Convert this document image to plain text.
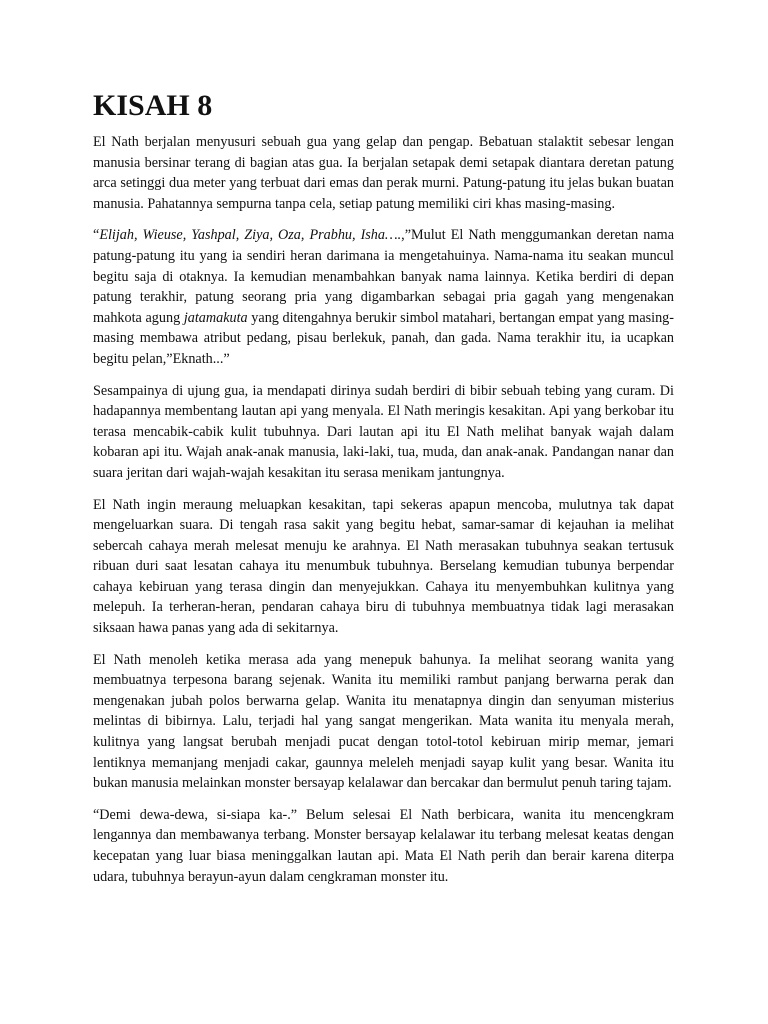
KISAH 8

El Nath berjalan menyusuri sebuah gua yang gelap dan pengap. Bebatuan stalaktit sebesar lengan manusia bersinar terang di bagian atas gua. Ia berjalan setapak demi setapak diantara deretan patung arca setinggi dua meter yang terbuat dari emas dan perak murni. Patung-patung itu jelas bukan buatan manusia. Pahatannya sempurna tanpa cela, setiap patung memiliki ciri khas masing-masing.

“Elijah, Wieuse, Yashpal, Ziya, Oza, Prabhu, Isha….,”Mulut El Nath menggumankan deretan nama patung-patung itu yang ia sendiri heran darimana ia mengetahuinya. Nama-nama itu seakan muncul begitu saja di otaknya. Ia kemudian menambahkan banyak nama lainnya. Ketika berdiri di depan patung terakhir, patung seorang pria yang digambarkan sebagai pria gagah yang mengenakan mahkota agung jatamakuta yang ditengahnya berukir simbol matahari, bertangan empat yang masing-masing membawa atribut pedang, pisau berlekuk, panah, dan gada. Nama terakhir itu, ia ucapkan begitu pelan,”Eknath...”

Sesampainya di ujung gua, ia mendapati dirinya sudah berdiri di bibir sebuah tebing yang curam. Di hadapannya membentang lautan api yang menyala. El Nath meringis kesakitan. Api yang berkobar itu terasa mencabik-cabik kulit tubuhnya. Dari lautan api itu El Nath melihat banyak wajah dalam kobaran api itu. Wajah anak-anak manusia, laki-laki, tua, muda, dan anak-anak. Pandangan nanar dan suara jeritan dari wajah-wajah kesakitan itu serasa menikam jantungnya.

El Nath ingin meraung meluapkan kesakitan, tapi sekeras apapun mencoba, mulutnya tak dapat mengeluarkan suara. Di tengah rasa sakit yang begitu hebat, samar-samar di kejauhan ia melihat sebercah cahaya merah melesat menuju ke arahnya. El Nath merasakan tubuhnya seakan tertusuk ribuan duri saat lesatan cahaya itu menumbuk tubuhnya. Berselang kemudian tubunya berpendar cahaya kebiruan yang terasa dingin dan menyejukkan. Cahaya itu menyembuhkan kulitnya yang melepuh. Ia terheran-heran, pendaran cahaya biru di tubuhnya membuatnya tidak lagi merasakan siksaan hawa panas yang ada di sekitarnya.

El Nath menoleh ketika merasa ada yang menepuk bahunya. Ia melihat seorang wanita yang membuatnya terpesona barang sejenak. Wanita itu memiliki rambut panjang berwarna perak dan mengenakan jubah polos berwarna gelap. Wanita itu menatapnya dingin dan senyuman misterius melintas di bibirnya. Lalu, terjadi hal yang sangat mengerikan. Mata wanita itu menyala merah, kulitnya yang langsat berubah menjadi pucat dengan totol-totol kebiruan mirip memar, jemari lentiknya memanjang menjadi cakar, gaunnya meleleh menjadi sayap kulit yang besar. Wanita itu bukan manusia melainkan monster bersayap kelalawar dan bercakar dan bermulut penuh taring tajam.

“Demi dewa-dewa, si-siapa ka-.” Belum selesai El Nath berbicara, wanita itu mencengkram lengannya dan membawanya terbang. Monster bersayap kelalawar itu terbang melesat keatas dengan kecepatan yang luar biasa meninggalkan lautan api. Mata El Nath perih dan berair karena diterpa udara, tubuhnya berayun-ayun dalam cengkraman monster itu.
